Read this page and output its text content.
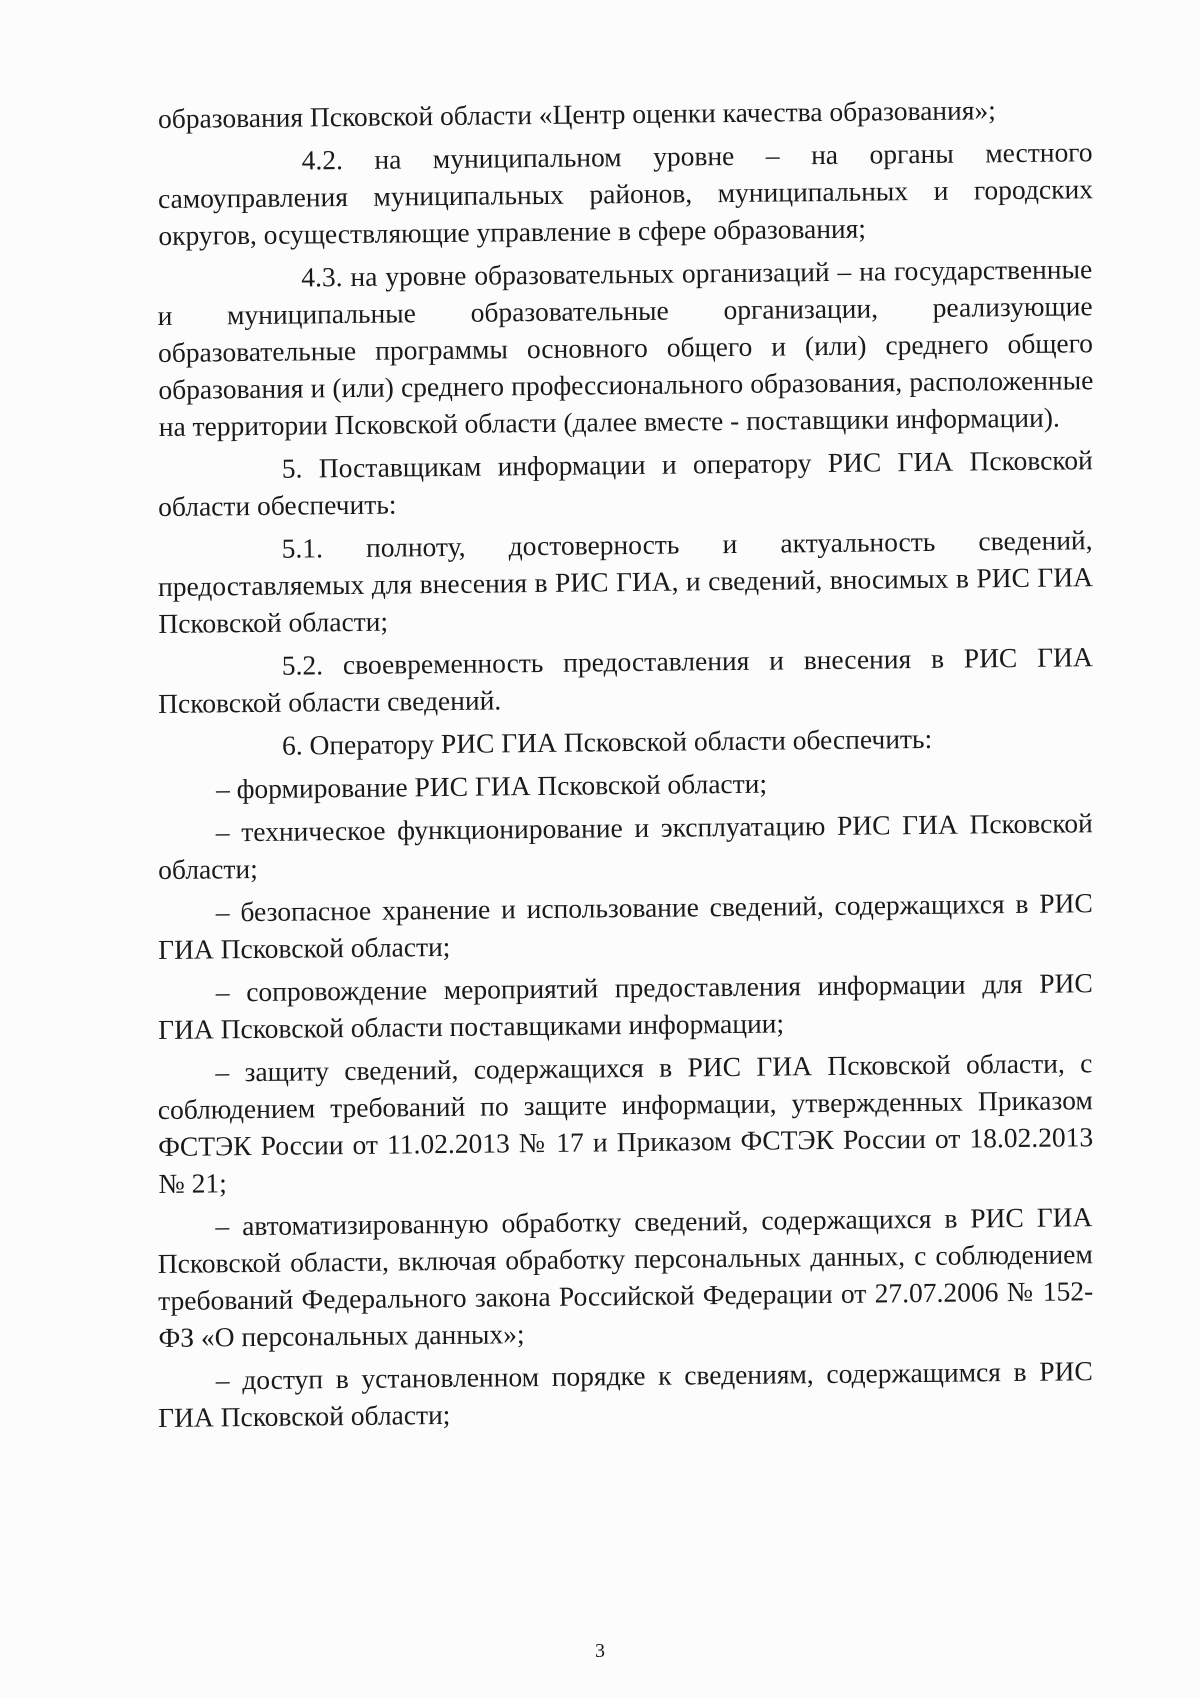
образования Псковской области «Центр оценки качества образования»;

4.2. на муниципальном уровне – на органы местного самоуправления муниципальных районов, муниципальных и городских округов, осуществляющие управление в сфере образования;

4.3. на уровне образовательных организаций – на государственные и муниципальные образовательные организации, реализующие образовательные программы основного общего и (или) среднего общего образования и (или) среднего профессионального образования, расположенные на территории Псковской области (далее вместе - поставщики информации).

5. Поставщикам информации и оператору РИС ГИА Псковской области обеспечить:

5.1. полноту, достоверность и актуальность сведений, предоставляемых для внесения в РИС ГИА, и сведений, вносимых в РИС ГИА Псковской области;

5.2. своевременность предоставления и внесения в РИС ГИА Псковской области сведений.

6. Оператору РИС ГИА Псковской области обеспечить:

– формирование РИС ГИА Псковской области;

– техническое функционирование и эксплуатацию РИС ГИА Псковской области;

– безопасное хранение и использование сведений, содержащихся в РИС ГИА Псковской области;

– сопровождение мероприятий предоставления информации для РИС ГИА Псковской области поставщиками информации;

– защиту сведений, содержащихся в РИС ГИА Псковской области, с соблюдением требований по защите информации, утвержденных Приказом ФСТЭК России от 11.02.2013 № 17 и Приказом ФСТЭК России от 18.02.2013 № 21;

– автоматизированную обработку сведений, содержащихся в РИС ГИА Псковской области, включая обработку персональных данных, с соблюдением требований Федерального закона Российской Федерации от 27.07.2006 № 152-ФЗ «О персональных данных»;

– доступ в установленном порядке к сведениям, содержащимся в РИС ГИА Псковской области;

3
